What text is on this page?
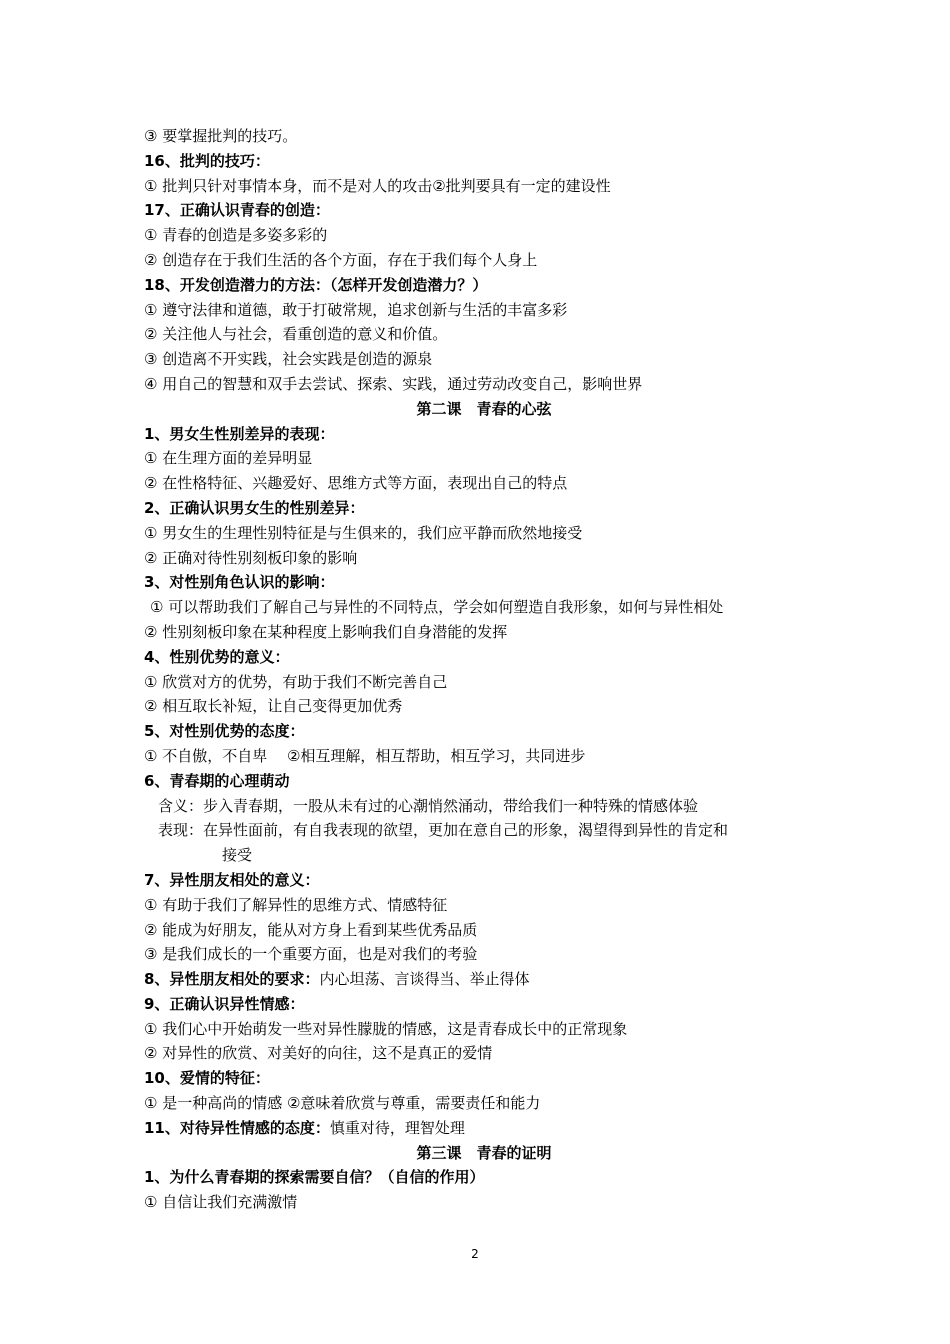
③ 要掌握批判的技巧。
16、批判的技巧：
① 批判只针对事情本身，而不是对人的攻击②批判要具有一定的建设性
17、正确认识青春的创造：
① 青春的创造是多姿多彩的
② 创造存在于我们生活的各个方面，存在于我们每个人身上
18、开发创造潜力的方法：（怎样开发创造潜力？）
① 遵守法律和道德，敢于打破常规，追求创新与生活的丰富多彩
② 关注他人与社会，看重创造的意义和价值。
③ 创造离不开实践，社会实践是创造的源泉
④ 用自己的智慧和双手去尝试、探索、实践，通过劳动改变自己，影响世界
第二课　青春的心弦
1、男女生性别差异的表现：
① 在生理方面的差异明显
② 在性格特征、兴趣爱好、思维方式等方面，表现出自己的特点
2、正确认识男女生的性别差异：
① 男女生的生理性别特征是与生俱来的，我们应平静而欣然地接受
② 正确对待性别刻板印象的影响
3、对性别角色认识的影响：
① 可以帮助我们了解自己与异性的不同特点，学会如何塑造自我形象，如何与异性相处
② 性别刻板印象在某种程度上影响我们自身潜能的发挥
4、性别优势的意义：
① 欣赏对方的优势，有助于我们不断完善自己
② 相互取长补短，让自己变得更加优秀
5、对性别优势的态度：
① 不自傲，不自卑　 ②相互理解，相互帮助，相互学习，共同进步
6、青春期的心理萌动
含义：步入青春期，一股从未有过的心潮悄然涌动，带给我们一种特殊的情感体验
表现：在异性面前，有自我表现的欲望，更加在意自己的形象，渴望得到异性的肯定和
接受
7、异性朋友相处的意义：
① 有助于我们了解异性的思维方式、情感特征
② 能成为好朋友，能从对方身上看到某些优秀品质
③ 是我们成长的一个重要方面，也是对我们的考验
8、异性朋友相处的要求：内心坦荡、言谈得当、举止得体
9、正确认识异性情感：
① 我们心中开始萌发一些对异性朦胧的情感，这是青春成长中的正常现象
② 对异性的欣赏、对美好的向往，这不是真正的爱情
10、爱情的特征：
① 是一种高尚的情感 ②意味着欣赏与尊重，需要责任和能力
11、对待异性情感的态度：慎重对待，理智处理
第三课　青春的证明
1、为什么青春期的探索需要自信？（自信的作用）
① 自信让我们充满激情
2
